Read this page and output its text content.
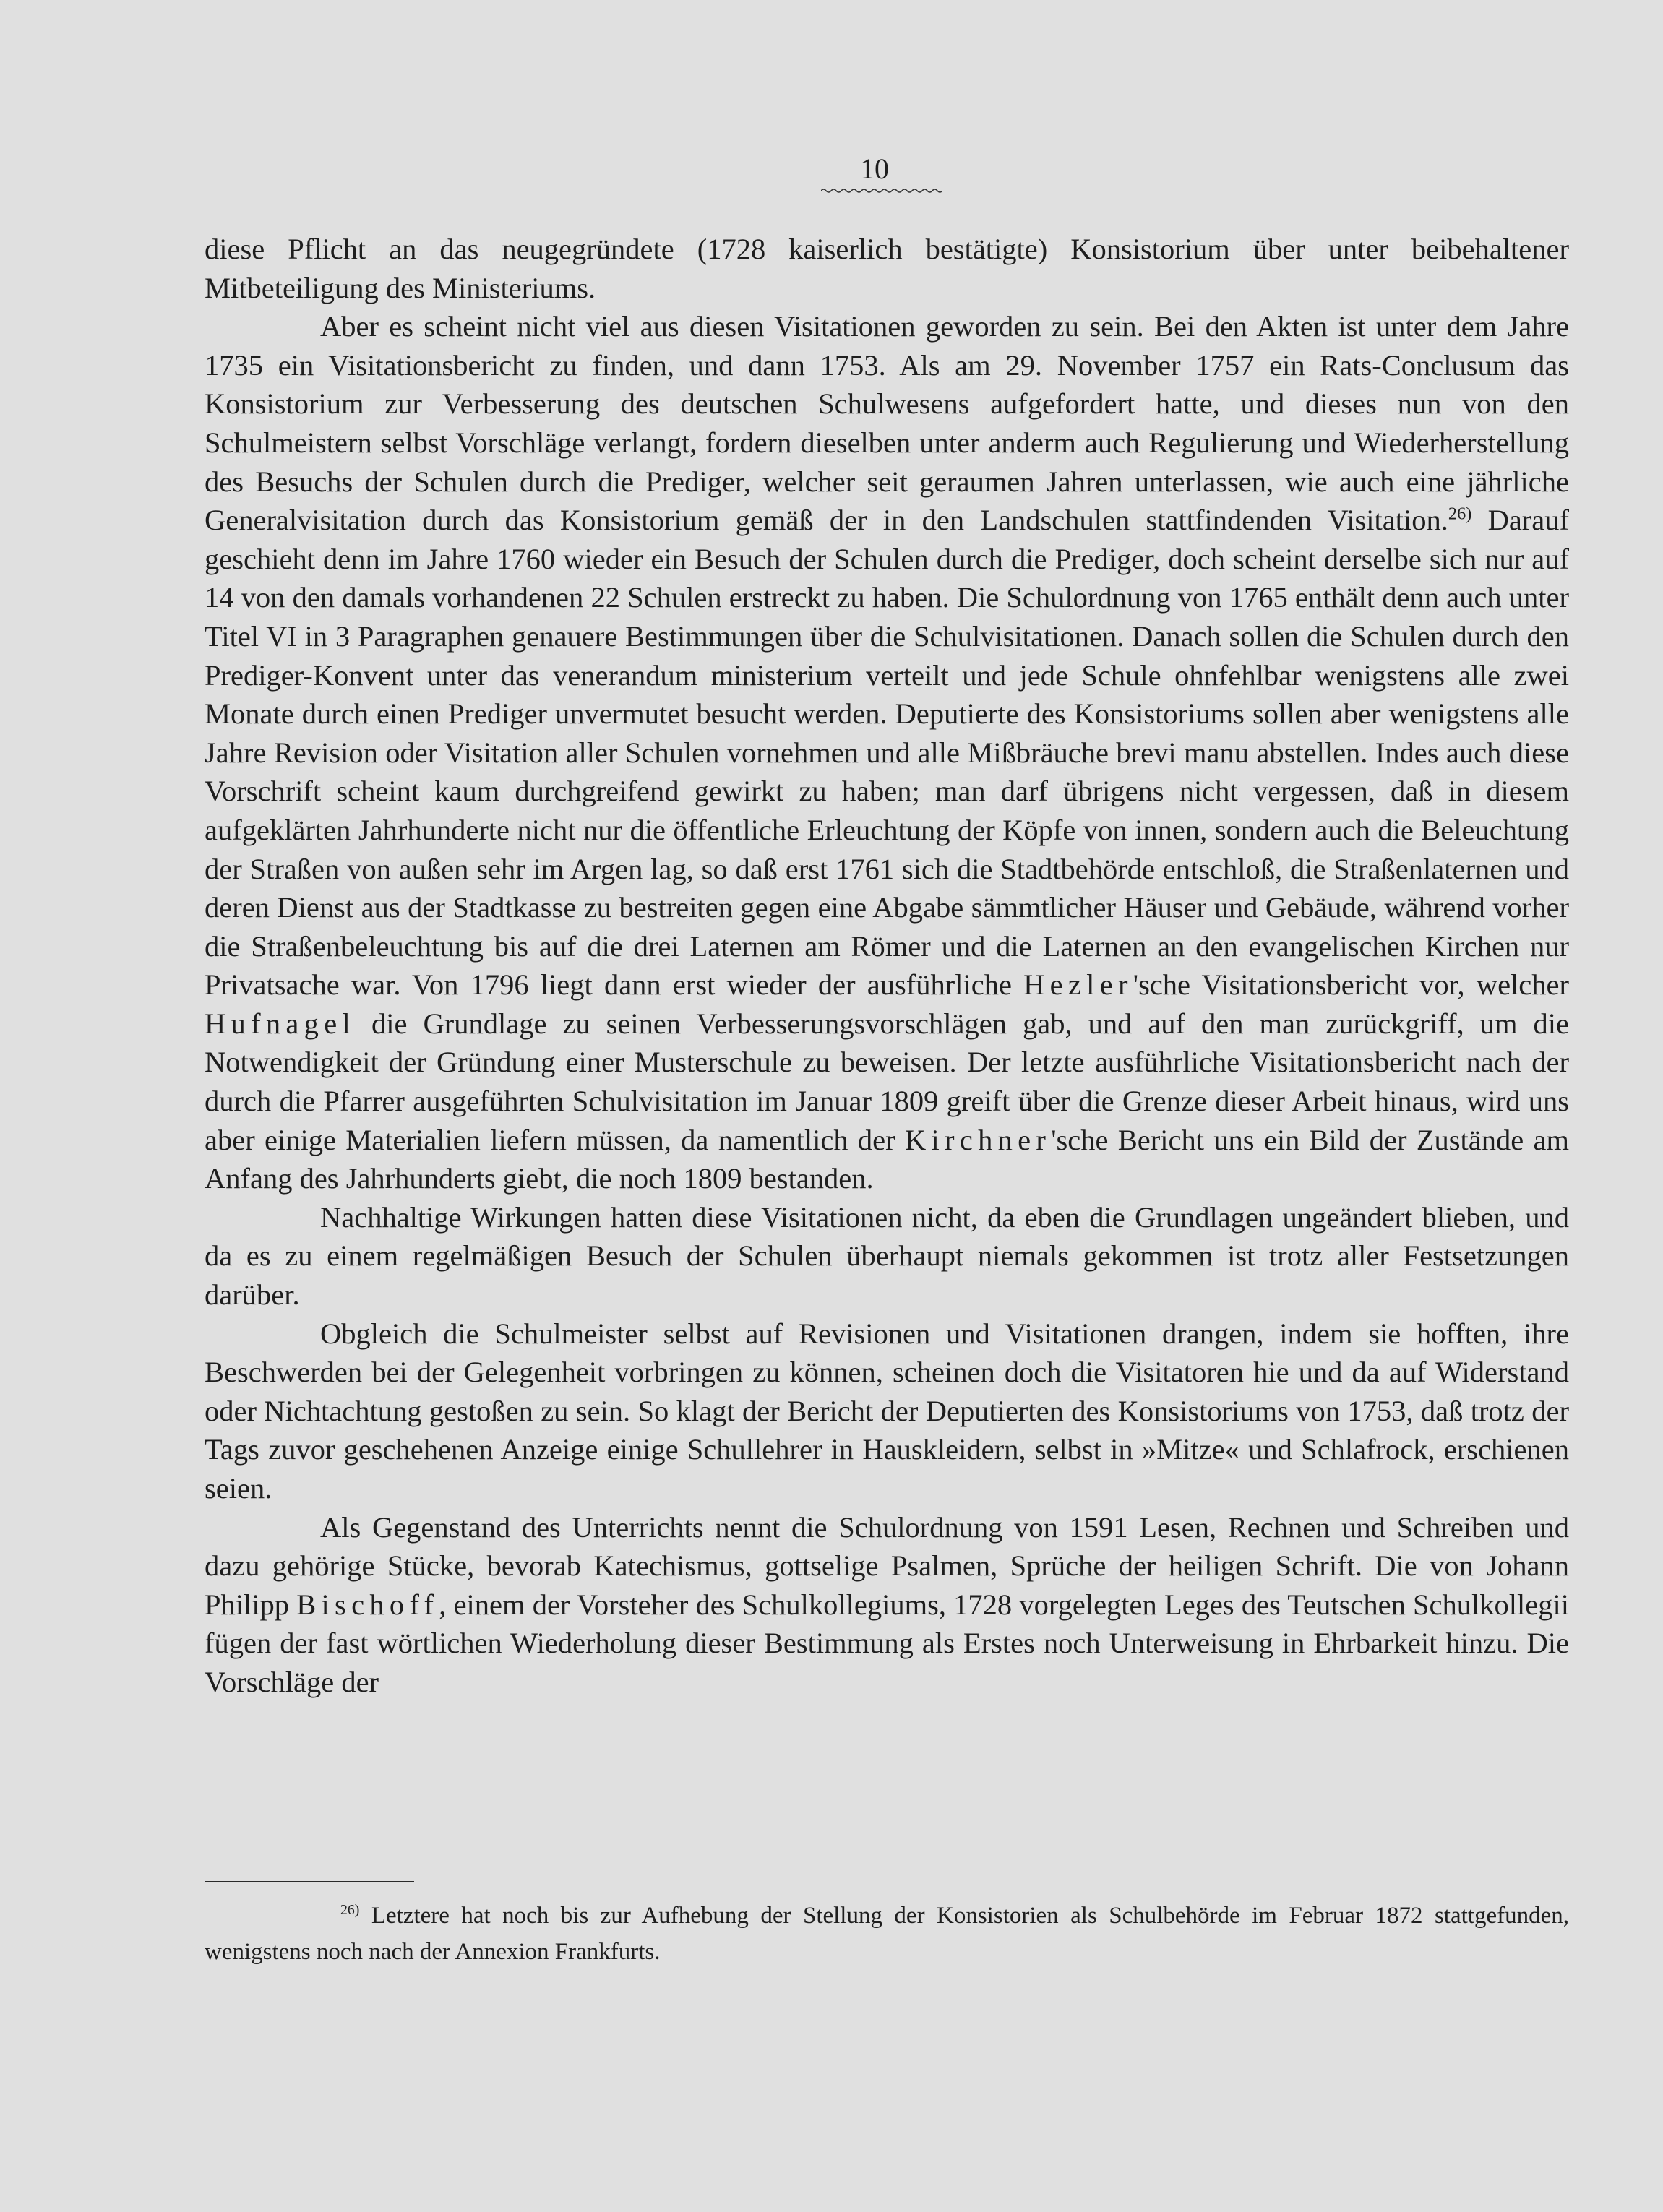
10

diese Pflicht an das neugegründete (1728 kaiserlich bestätigte) Konsistorium über unter beibehaltener Mitbeteiligung des Ministeriums.

Aber es scheint nicht viel aus diesen Visitationen geworden zu sein. Bei den Akten ist unter dem Jahre 1735 ein Visitationsbericht zu finden, und dann 1753. Als am 29. November 1757 ein Rats-Conclusum das Konsistorium zur Verbesserung des deutschen Schulwesens aufgefordert hatte, und dieses nun von den Schulmeistern selbst Vorschläge verlangt, fordern dieselben unter anderm auch Regulierung und Wiederherstellung des Besuchs der Schulen durch die Prediger, welcher seit geraumen Jahren unterlassen, wie auch eine jährliche Generalvisitation durch das Konsistorium gemäß der in den Landschulen stattfindenden Visitation.$^{26)}$ Darauf geschieht denn im Jahre 1760 wieder ein Besuch der Schulen durch die Prediger, doch scheint derselbe sich nur auf 14 von den damals vorhandenen 22 Schulen erstreckt zu haben. Die Schulordnung von 1765 enthält denn auch unter Titel VI in 3 Paragraphen genauere Bestimmungen über die Schulvisitationen. Danach sollen die Schulen durch den Prediger-Konvent unter das venerandum ministerium verteilt und jede Schule ohnfehlbar wenigstens alle zwei Monate durch einen Prediger unvermutet besucht werden. Deputierte des Konsistoriums sollen aber wenigstens alle Jahre Revision oder Visitation aller Schulen vornehmen und alle Mißbräuche brevi manu abstellen. Indes auch diese Vorschrift scheint kaum durchgreifend gewirkt zu haben; man darf übrigens nicht vergessen, daß in diesem aufgeklärten Jahrhunderte nicht nur die öffentliche Erleuchtung der Köpfe von innen, sondern auch die Beleuchtung der Straßen von außen sehr im Argen lag, so daß erst 1761 sich die Stadtbehörde entschloß, die Straßenlaternen und deren Dienst aus der Stadtkasse zu bestreiten gegen eine Abgabe sämmtlicher Häuser und Gebäude, während vorher die Straßenbeleuchtung bis auf die drei Laternen am Römer und die Laternen an den evangelischen Kirchen nur Privatsache war. Von 1796 liegt dann erst wieder der ausführliche Hezler'sche Visitationsbericht vor, welcher Hufnagel die Grundlage zu seinen Verbesserungsvorschlägen gab, und auf den man zurückgriff, um die Notwendigkeit der Gründung einer Musterschule zu beweisen. Der letzte ausführliche Visitationsbericht nach der durch die Pfarrer ausgeführten Schulvisitation im Januar 1809 greift über die Grenze dieser Arbeit hinaus, wird uns aber einige Materialien liefern müssen, da namentlich der Kirchner'sche Bericht uns ein Bild der Zustände am Anfang des Jahrhunderts giebt, die noch 1809 bestanden.

Nachhaltige Wirkungen hatten diese Visitationen nicht, da eben die Grundlagen ungeändert blieben, und da es zu einem regelmäßigen Besuch der Schulen überhaupt niemals gekommen ist trotz aller Festsetzungen darüber.

Obgleich die Schulmeister selbst auf Revisionen und Visitationen drangen, indem sie hofften, ihre Beschwerden bei der Gelegenheit vorbringen zu können, scheinen doch die Visitatoren hie und da auf Widerstand oder Nichtachtung gestoßen zu sein. So klagt der Bericht der Deputierten des Konsistoriums von 1753, daß trotz der Tags zuvor geschehenen Anzeige einige Schullehrer in Hauskleidern, selbst in »Mitze« und Schlafrock, erschienen seien.

Als Gegenstand des Unterrichts nennt die Schulordnung von 1591 Lesen, Rechnen und Schreiben und dazu gehörige Stücke, bevorab Katechismus, gottselige Psalmen, Sprüche der heiligen Schrift. Die von Johann Philipp Bischoff, einem der Vorsteher des Schulkollegiums, 1728 vorgelegten Leges des Teutschen Schulkollegii fügen der fast wörtlichen Wiederholung dieser Bestimmung als Erstes noch Unterweisung in Ehrbarkeit hinzu. Die Vorschläge der

$^{26)}$ Letztere hat noch bis zur Aufhebung der Stellung der Konsistorien als Schulbehörde im Februar 1872 stattgefunden, wenigstens noch nach der Annexion Frankfurts.
